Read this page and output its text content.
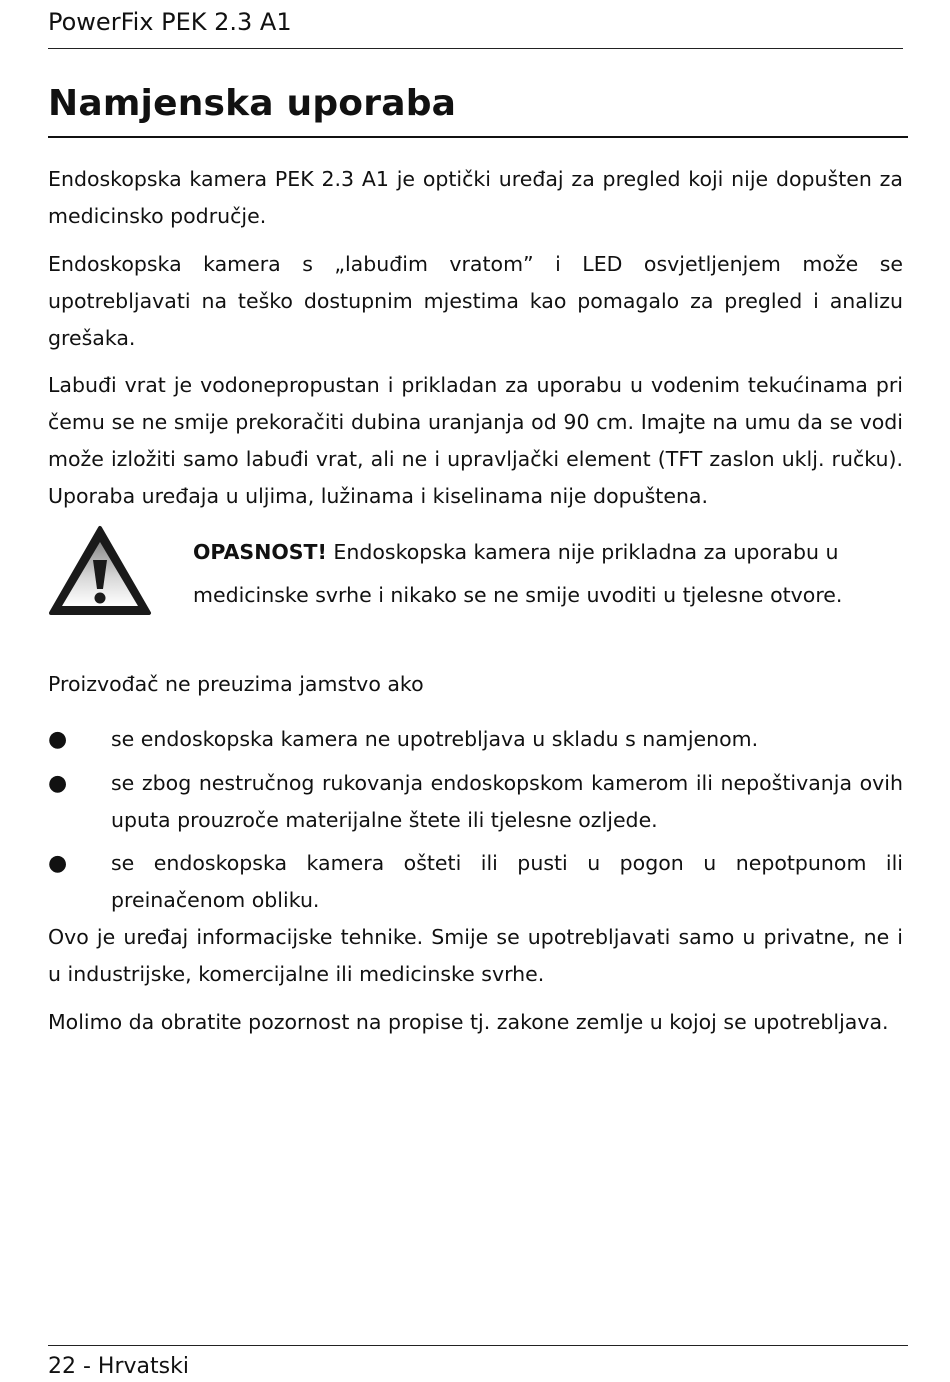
PowerFix PEK 2.3 A1
Namjenska uporaba

Endoskopska kamera PEK 2.3 A1 je optički uređaj za pregled koji nije dopušten za medicinsko područje.

Endoskopska kamera s „labuđim vratom” i LED osvjetljenjem može se upotrebljavati na teško dostupnim mjestima kao pomagalo za pregled i analizu grešaka.

Labuđi vrat je vodonepropustan i prikladan za uporabu u vodenim tekućinama pri čemu se ne smije prekoračiti dubina uranjanja od 90 cm. Imajte na umu da se vodi može izložiti samo labuđi vrat, ali ne i upravljački element (TFT zaslon uklj. ručku). Uporaba uređaja u uljima, lužinama i kiselinama nije dopuštena.

OPASNOST! Endoskopska kamera nije prikladna za uporabu u medicinske svrhe i nikako se ne smije uvoditi u tjelesne otvore.

Proizvođač ne preuzima jamstvo ako

●	se endoskopska kamera ne upotrebljava u skladu s namjenom.

●	se zbog nestručnog rukovanja endoskopskom kamerom ili nepoštivanja ovih uputa prouzroče materijalne štete ili tjelesne ozljede.

●	se endoskopska kamera ošteti ili pusti u pogon u nepotpunom ili preinačenom obliku.

Ovo je uređaj informacijske tehnike. Smije se upotrebljavati samo u privatne, ne i u industrijske, komercijalne ili medicinske svrhe.

Molimo da obratite pozornost na propise tj. zakone zemlje u kojoj se upotrebljava.

22 - Hrvatski
